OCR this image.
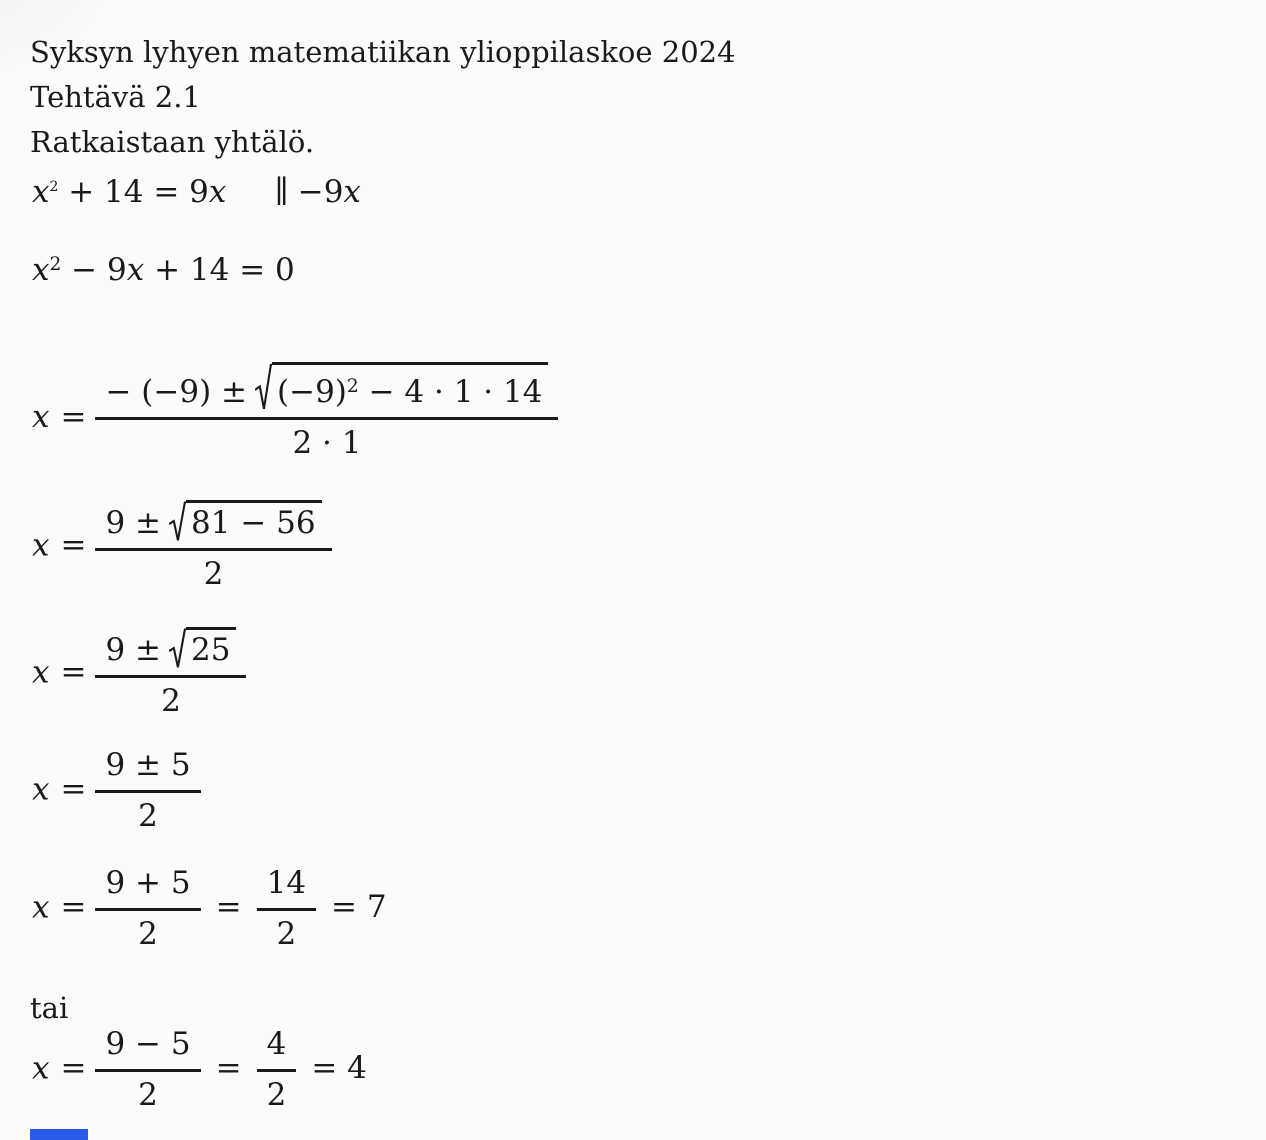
Syksyn lyhyen matematiikan ylioppilaskoe 2024
Tehtävä 2.1
Ratkaistaan yhtälö.
$x^2 + 14 = 9x$ ∥ −9x
$x^2 - 9x + 14 = 0$
$x = \frac{- (-9) \pm (-9)^2 - 4 \cdot 1 \cdot 14}{2 \cdot 1}$
$x = \frac{9 \pm 81 - 56}{2}$
$x = \frac{9 \pm 25}{2}$
$x = \frac{9 \pm 5}{2}$
$x = \frac{9 + 5}{2} = \frac{14}{2} = 7$
tai
$x = \frac{9 - 5}{2} = \frac{4}{2} = 4$
